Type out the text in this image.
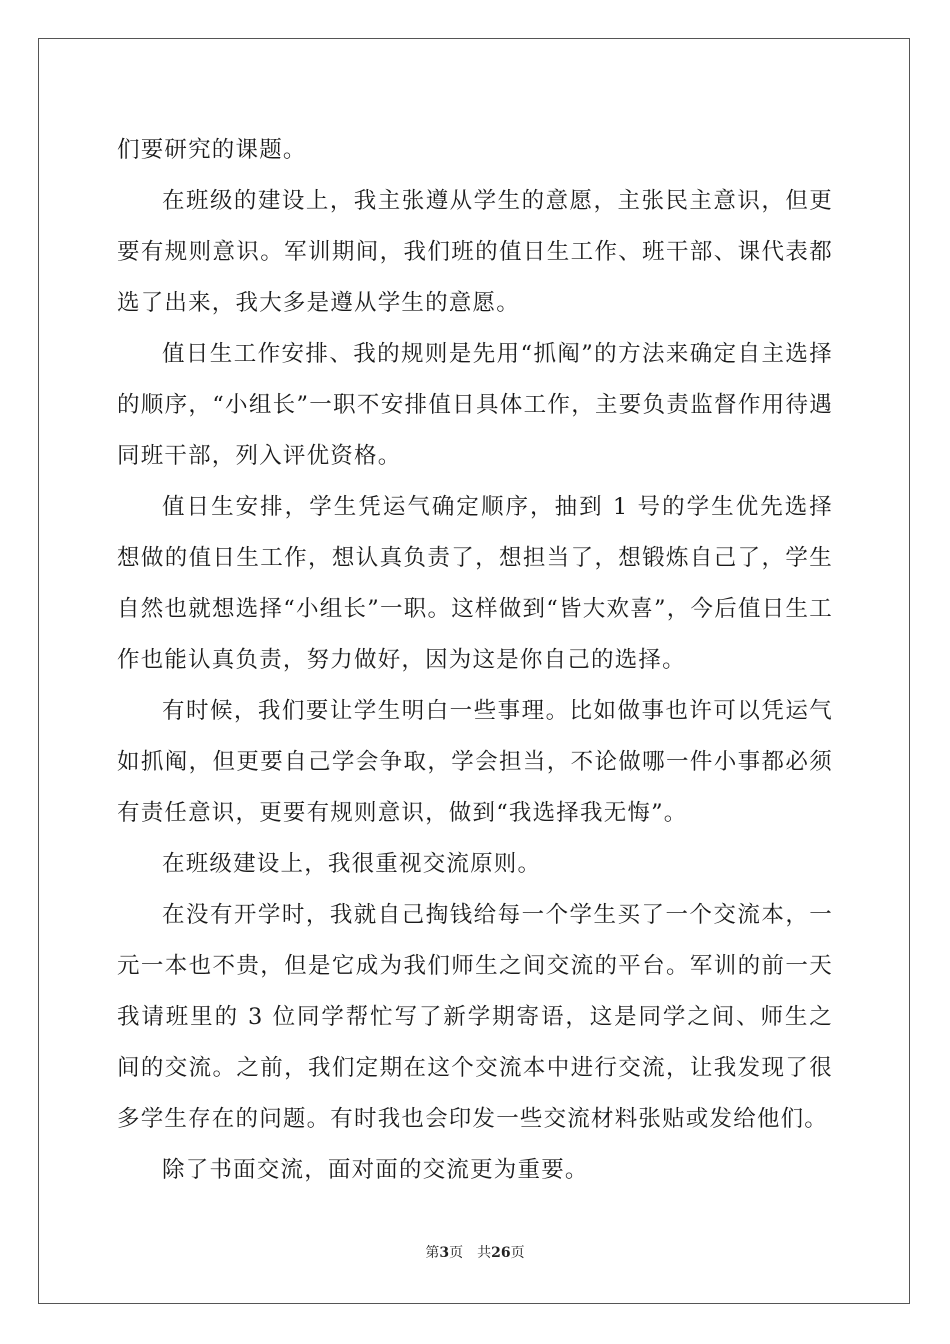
们要研究的课题。

在班级的建设上，我主张遵从学生的意愿，主张民主意识，但更要有规则意识。军训期间，我们班的值日生工作、班干部、课代表都选了出来，我大多是遵从学生的意愿。

值日生工作安排、我的规则是先用“抓阄”的方法来确定自主选择的顺序，“小组长”一职不安排值日具体工作，主要负责监督作用待遇同班干部，列入评优资格。

值日生安排，学生凭运气确定顺序，抽到 1 号的学生优先选择想做的值日生工作，想认真负责了，想担当了，想锻炼自己了，学生自然也就想选择“小组长”一职。这样做到“皆大欢喜”，今后值日生工作也能认真负责，努力做好，因为这是你自己的选择。

有时候，我们要让学生明白一些事理。比如做事也许可以凭运气如抓阄，但更要自己学会争取，学会担当，不论做哪一件小事都必须有责任意识，更要有规则意识，做到“我选择我无悔”。

在班级建设上，我很重视交流原则。

在没有开学时，我就自己掏钱给每一个学生买了一个交流本，一元一本也不贵，但是它成为我们师生之间交流的平台。军训的前一天我请班里的 3 位同学帮忙写了新学期寄语，这是同学之间、师生之间的交流。之前，我们定期在这个交流本中进行交流，让我发现了很多学生存在的问题。有时我也会印发一些交流材料张贴或发给他们。

除了书面交流，面对面的交流更为重要。

第3页 共26页
